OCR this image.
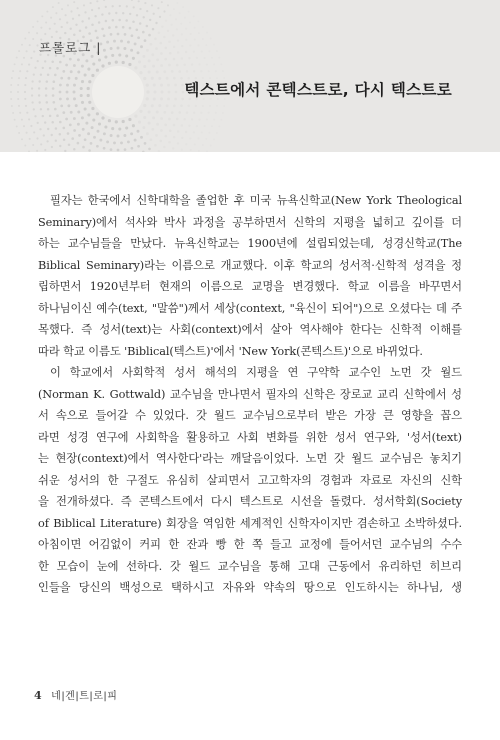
프롤로그 |
텍스트에서 콘텍스트로, 다시 텍스트로
필자는 한국에서 신학대학을 졸업한 후 미국 뉴욕신학교(New York Theological
Seminary)에서 석사와 박사 과정을 공부하면서 신학의 지평을 넓히고 깊이를 더
하는 교수님들을 만났다. 뉴욕신학교는 1900년에 설립되었는데, 성경신학교(The
Biblical Seminary)라는 이름으로 개교했다. 이후 학교의 성서적·신학적 성격을 정
립하면서 1920년부터 현재의 이름으로 교명을 변경했다. 학교 이름을 바꾸면서
하나님이신 예수(text, "말씀")께서 세상(context, "육신이 되어")으로 오셨다는 데 주
목했다. 즉 성서(text)는 사회(context)에서 살아 역사해야 한다는 신학적 이해를
따라 학교 이름도 'Biblical(텍스트)'에서 'New York(콘텍스트)'으로 바뀌었다.
이 학교에서 사회학적 성서 해석의 지평을 연 구약학 교수인 노먼 갓 월드
(Norman K. Gottwald) 교수님을 만나면서 필자의 신학은 장로교 교리 신학에서 성
서 속으로 들어갈 수 있었다. 갓 월드 교수님으로부터 받은 가장 큰 영향을 꼽으
라면 성경 연구에 사회학을 활용하고 사회 변화를 위한 성서 연구와, '성서(text)
는 현장(context)에서 역사한다'라는 깨달음이었다. 노먼 갓 월드 교수님은 놓치기
쉬운 성서의 한 구절도 유심히 살피면서 고고학자의 경험과 자료로 자신의 신학
을 전개하셨다. 즉 콘텍스트에서 다시 텍스트로 시선을 돌렸다. 성서학회(Society
of Biblical Literature) 회장을 역임한 세계적인 신학자이지만 겸손하고 소박하셨다.
아침이면 어김없이 커피 한 잔과 빵 한 쪽 들고 교정에 들어서던 교수님의 수수
한 모습이 눈에 선하다. 갓 월드 교수님을 통해 고대 근동에서 유리하던 히브리
인들을 당신의 백성으로 택하시고 자유와 약속의 땅으로 인도하시는 하나님, 생
4 네|겐|트|로|피
